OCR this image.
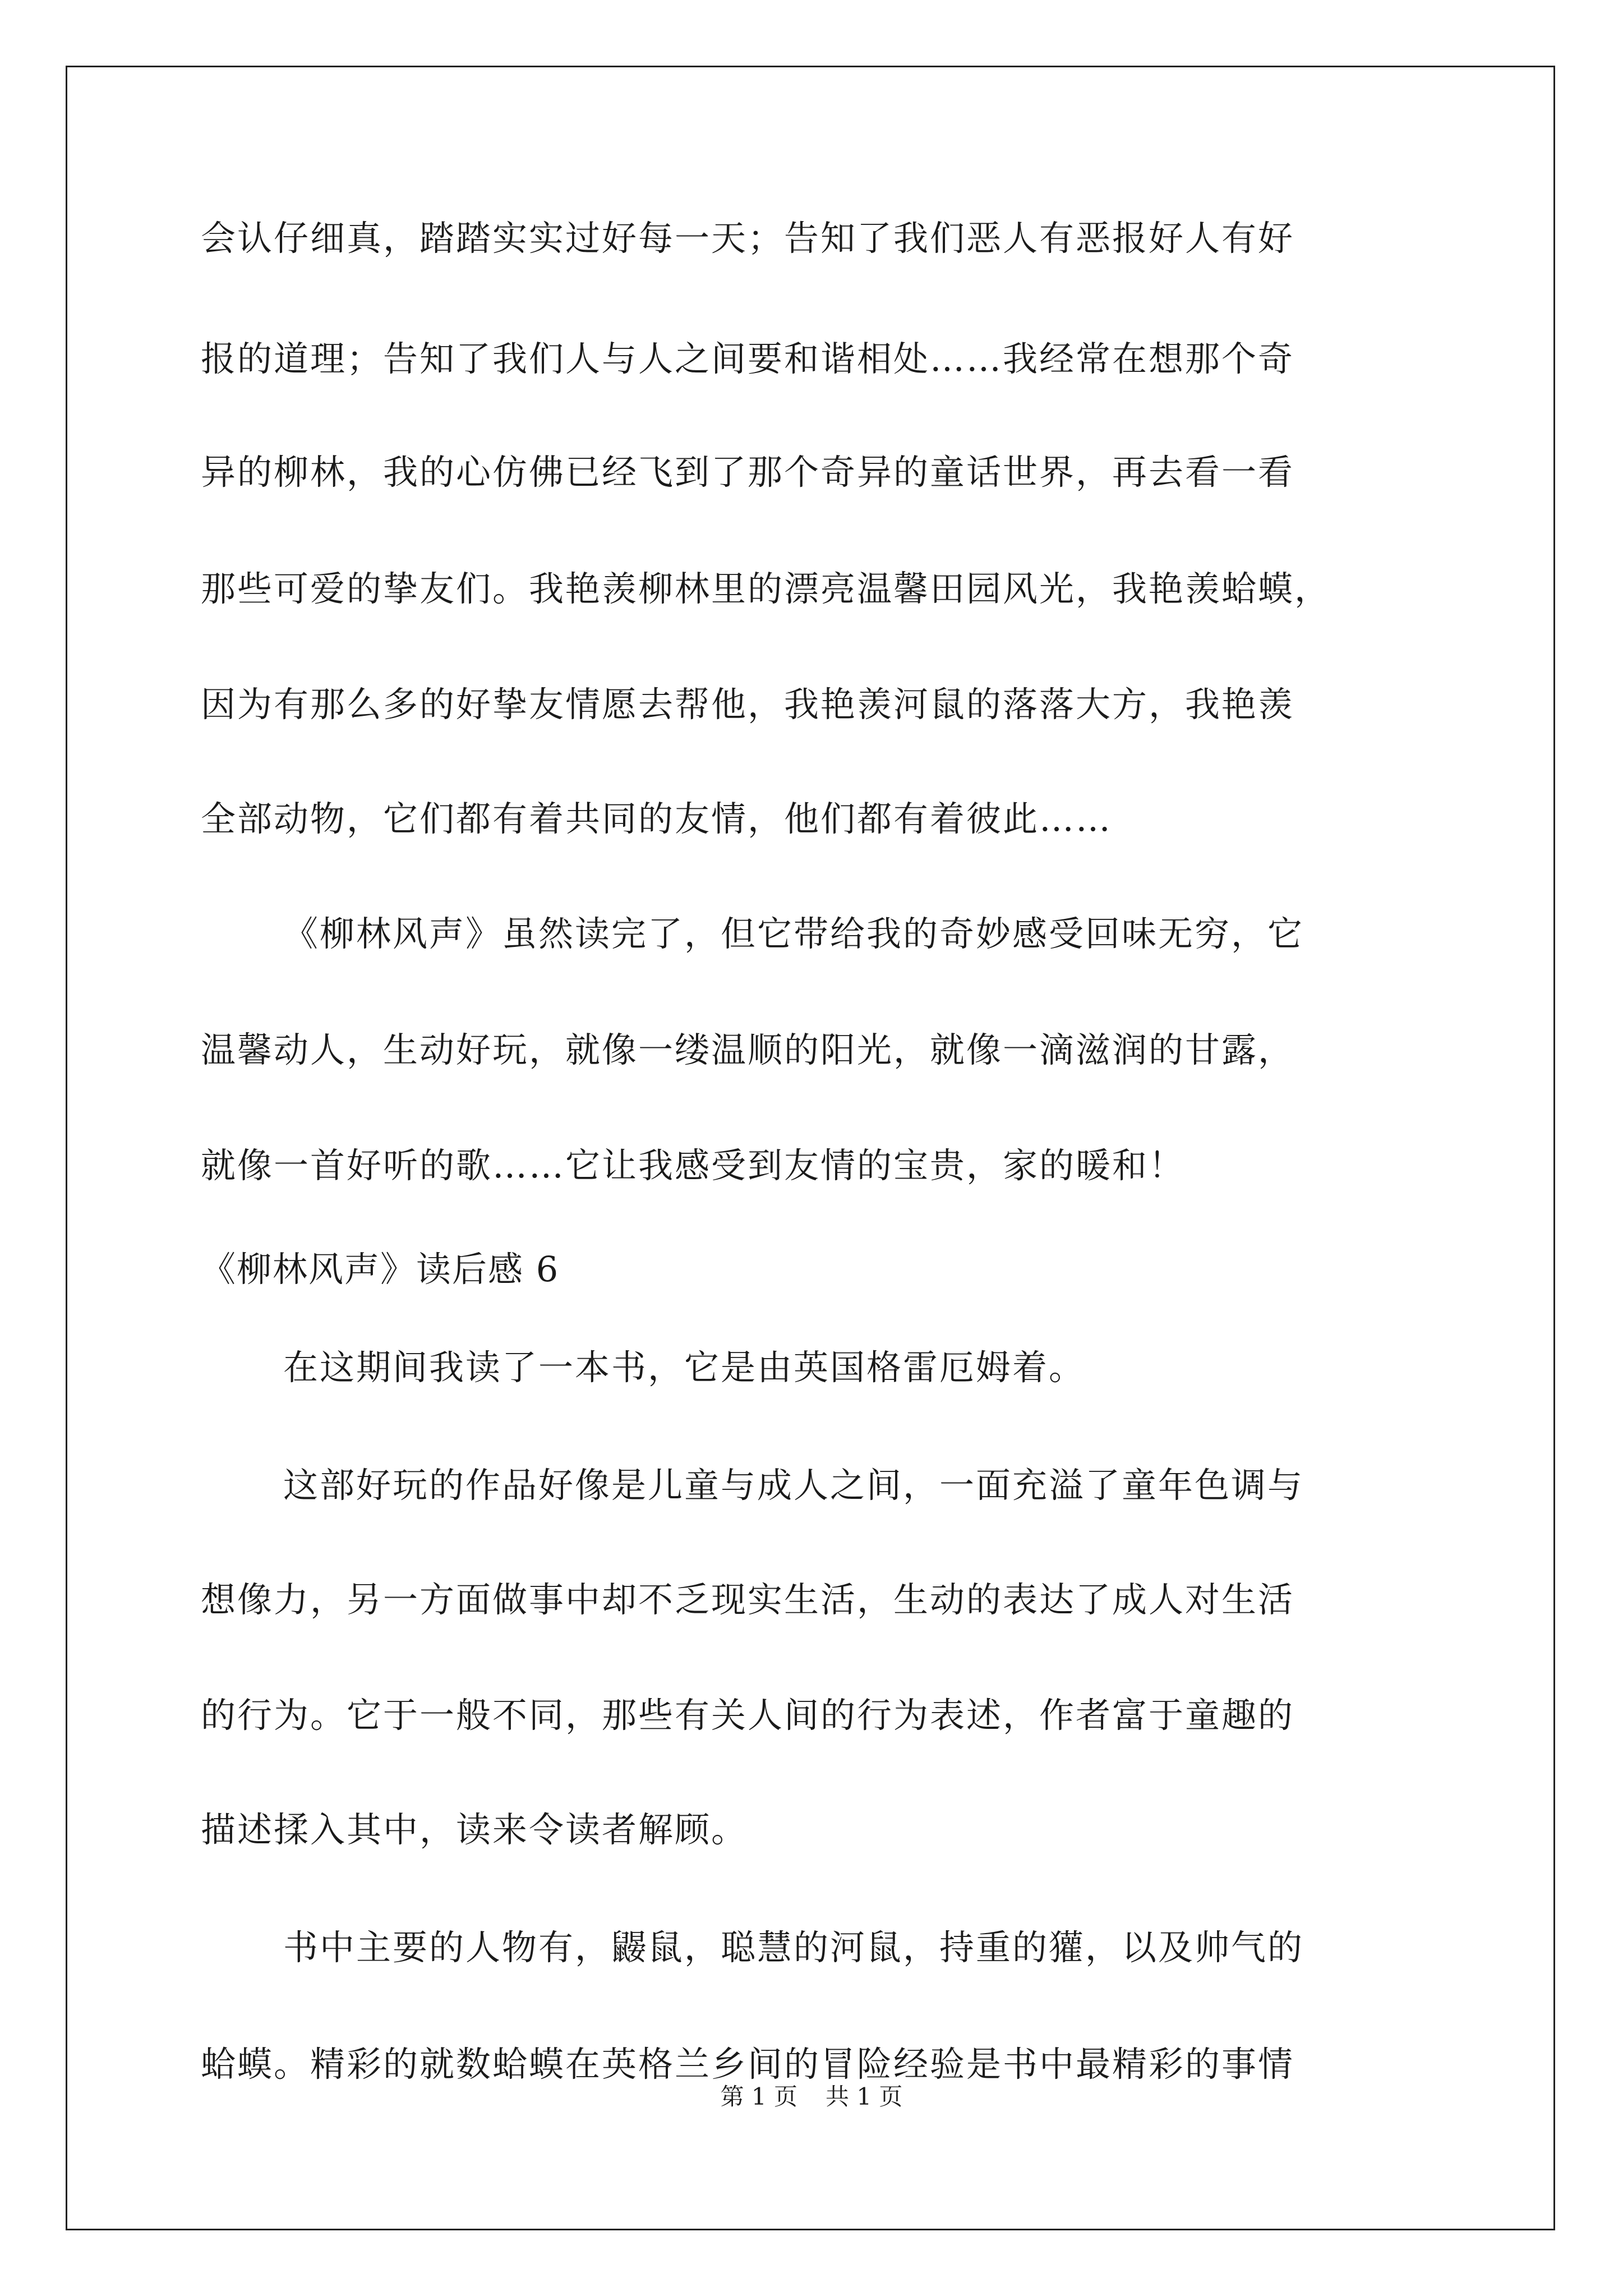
会认仔细真，踏踏实实过好每一天；告知了我们恶人有恶报好人有好
报的道理；告知了我们人与人之间要和谐相处……我经常在想那个奇
异的柳林，我的心仿佛已经飞到了那个奇异的童话世界，再去看一看
那些可爱的挚友们。我艳羡柳林里的漂亮温馨田园风光，我艳羡蛤蟆，
因为有那么多的好挚友情愿去帮他，我艳羡河鼠的落落大方，我艳羡
全部动物，它们都有着共同的友情，他们都有着彼此……
《柳林风声》虽然读完了，但它带给我的奇妙感受回味无穷，它
温馨动人，生动好玩，就像一缕温顺的阳光，就像一滴滋润的甘露，
就像一首好听的歌……它让我感受到友情的宝贵，家的暖和！
《柳林风声》读后感 6
在这期间我读了一本书，它是由英国格雷厄姆着。
这部好玩的作品好像是儿童与成人之间，一面充溢了童年色调与
想像力，另一方面做事中却不乏现实生活，生动的表达了成人对生活
的行为。它于一般不同，那些有关人间的行为表述，作者富于童趣的
描述揉入其中，读来令读者解顾。
书中主要的人物有，鼹鼠，聪慧的河鼠，持重的獾，以及帅气的
蛤蟆。精彩的就数蛤蟆在英格兰乡间的冒险经验是书中最精彩的事情
第 1 页 共 1 页
